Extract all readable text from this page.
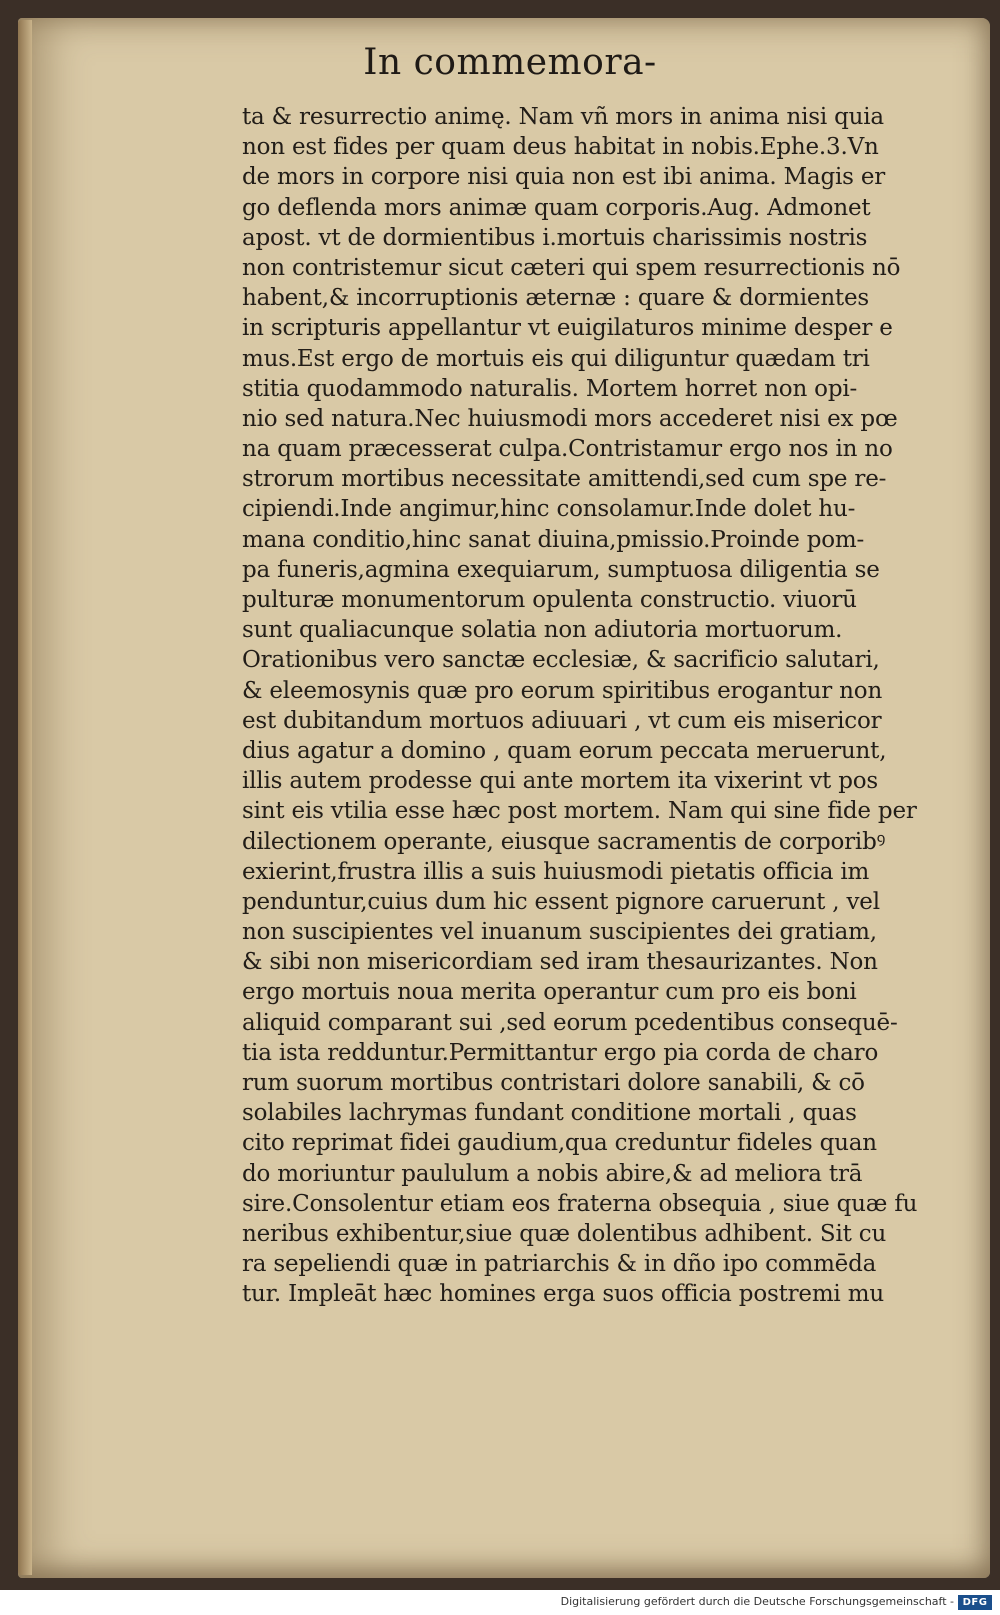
In commemora-
ta & resurrectio animę. Nam vñ mors in anima nisi quia
non est fides per quam deus habitat in nobis.Ephe.3.Vn
de mors in corpore nisi quia non est ibi anima. Magis er
go deflenda mors animæ quam corporis.Aug. Admonet
apost. vt de dormientibus i.mortuis charissimis nostris
non contristemur sicut cæteri qui spem resurrectionis nō
habent,& incorruptionis æternæ : quare & dormientes
in scripturis appellantur vt euigilaturos minime desper e
mus.Est ergo de mortuis eis qui diliguntur quædam tri
stitia quodammodo naturalis. Mortem horret non opi-
nio sed natura.Nec huiusmodi mors accederet nisi ex pœ
na quam præcesserat culpa.Contristamur ergo nos in no
strorum mortibus necessitate amittendi,sed cum spe re-
cipiendi.Inde angimur,hinc consolamur.Inde dolet hu-
mana conditio,hinc sanat diuina,pmissio.Proinde pom-
pa funeris,agmina exequiarum, sumptuosa diligentia se
pulturæ monumentorum opulenta constructio. viuorū
sunt qualiacunque solatia non adiutoria mortuorum.
Orationibus vero sanctæ ecclesiæ, & sacrificio salutari,
& eleemosynis quæ pro eorum spiritibus erogantur non
est dubitandum mortuos adiuuari , vt cum eis misericor
dius agatur a domino , quam eorum peccata meruerunt,
illis autem prodesse qui ante mortem ita vixerint vt pos
sint eis vtilia esse hæc post mortem. Nam qui sine fide per
dilectionem operante, eiusque sacramentis de corporibꝰ
exierint,frustra illis a suis huiusmodi pietatis officia im
penduntur,cuius dum hic essent pignore caruerunt , vel
non suscipientes vel inuanum suscipientes dei gratiam,
& sibi non misericordiam sed iram thesaurizantes. Non
ergo mortuis noua merita operantur cum pro eis boni
aliquid comparant sui ,sed eorum pcedentibus consequē-
tia ista redduntur.Permittantur ergo pia corda de charo
rum suorum mortibus contristari dolore sanabili, & cō
solabiles lachrymas fundant conditione mortali , quas
cito reprimat fidei gaudium,qua creduntur fideles quan
do moriuntur paululum a nobis abire,& ad meliora trā
sire.Consolentur etiam eos fraterna obsequia , siue quæ fu
neribus exhibentur,siue quæ dolentibus adhibent. Sit cu
ra sepeliendi quæ in patriarchis & in dño ipo commēda
tur. Impleāt hæc homines erga suos officia postremi mu
Digitalisierung gefördert durch die Deutsche Forschungsgemeinschaft - DFG
